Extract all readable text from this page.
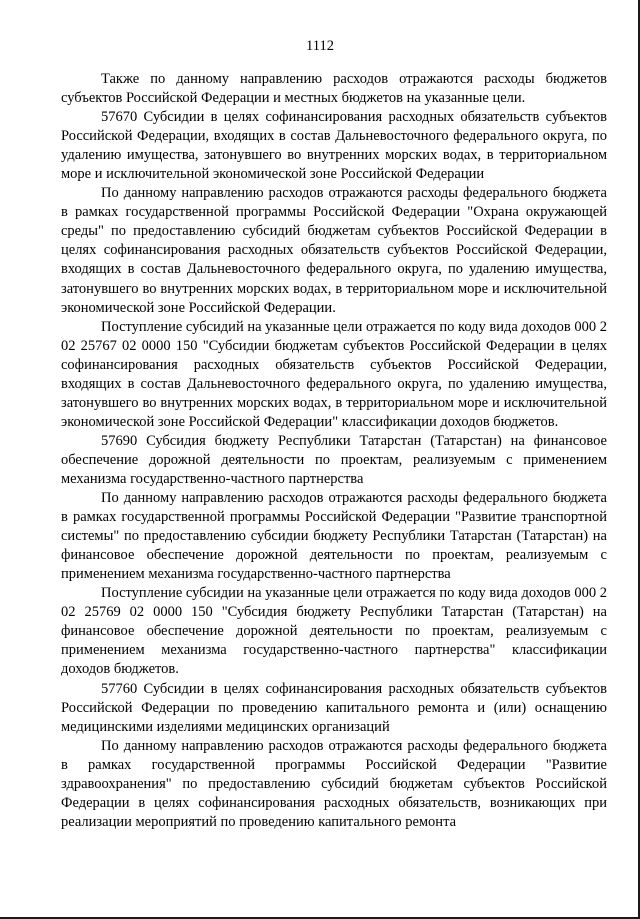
1112

Также по данному направлению расходов отражаются расходы бюджетов субъектов Российской Федерации и местных бюджетов на указанные цели.

57670 Субсидии в целях софинансирования расходных обязательств субъектов Российской Федерации, входящих в состав Дальневосточного федерального округа, по удалению имущества, затонувшего во внутренних морских водах, в территориальном море и исключительной экономической зоне Российской Федерации

По данному направлению расходов отражаются расходы федерального бюджета в рамках государственной программы Российской Федерации "Охрана окружающей среды" по предоставлению субсидий бюджетам субъектов Российской Федерации в целях софинансирования расходных обязательств субъектов Российской Федерации, входящих в состав Дальневосточного федерального округа, по удалению имущества, затонувшего во внутренних морских водах, в территориальном море и исключительной экономической зоне Российской Федерации.

Поступление субсидий на указанные цели отражается по коду вида доходов 000 2 02 25767 02 0000 150 "Субсидии бюджетам субъектов Российской Федерации в целях софинансирования расходных обязательств субъектов Российской Федерации, входящих в состав Дальневосточного федерального округа, по удалению имущества, затонувшего во внутренних морских водах, в территориальном море и исключительной экономической зоне Российской Федерации" классификации доходов бюджетов.

57690 Субсидия бюджету Республики Татарстан (Татарстан) на финансовое обеспечение дорожной деятельности по проектам, реализуемым с применением механизма государственно-частного партнерства

По данному направлению расходов отражаются расходы федерального бюджета в рамках государственной программы Российской Федерации "Развитие транспортной системы" по предоставлению субсидии бюджету Республики Татарстан (Татарстан) на финансовое обеспечение дорожной деятельности по проектам, реализуемым с применением механизма государственно-частного партнерства

Поступление субсидии на указанные цели отражается по коду вида доходов 000 2 02 25769 02 0000 150 "Субсидия бюджету Республики Татарстан (Татарстан) на финансовое обеспечение дорожной деятельности по проектам, реализуемым с применением механизма государственно-частного партнерства" классификации доходов бюджетов.

57760 Субсидии в целях софинансирования расходных обязательств субъектов Российской Федерации по проведению капитального ремонта и (или) оснащению медицинскими изделиями медицинских организаций

По данному направлению расходов отражаются расходы федерального бюджета в рамках государственной программы Российской Федерации "Развитие здравоохранения" по предоставлению субсидий бюджетам субъектов Российской Федерации в целях софинансирования расходных обязательств, возникающих при реализации мероприятий по проведению капитального ремонта
